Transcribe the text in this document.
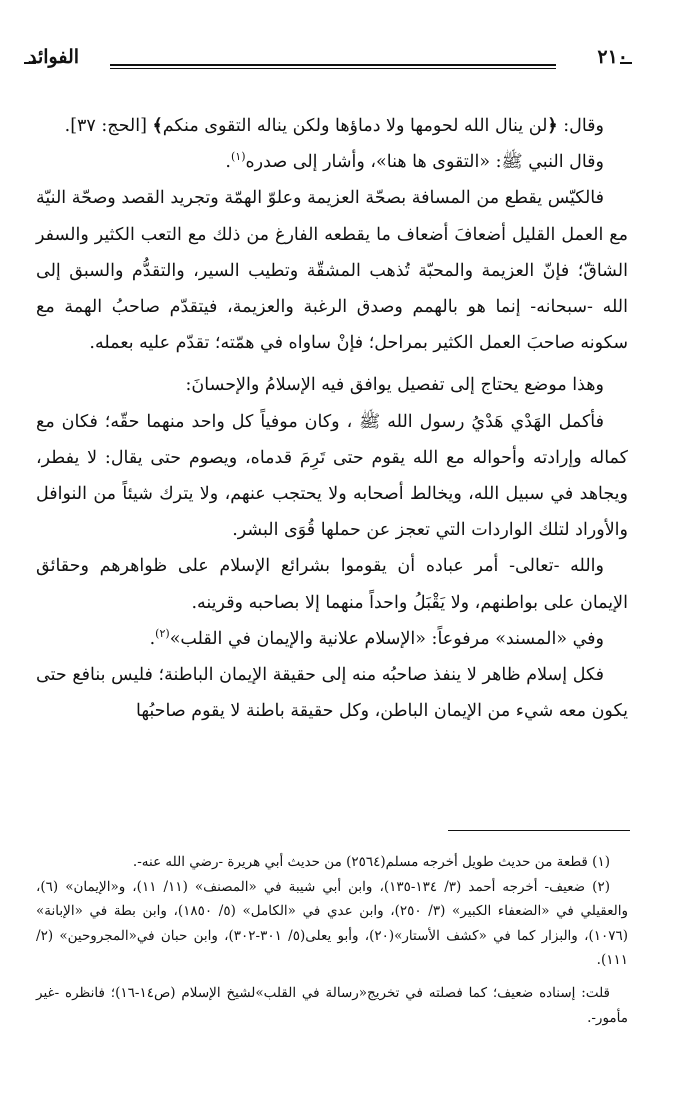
الفوائد	٢١٠

وقال: ﴿لن ينال الله لحومها ولا دماؤها ولكن يناله التقوى منكم﴾ [الحج: ٣٧].

وقال النبي ﷺ: «التقوى ها هنا»، وأشار إلى صدره$^{(١)}$.

فالكيّس يقطع من المسافة بصحّة العزيمة وعلوّ الهمّة وتجريد القصد وصحّة النيّة مع العمل القليل أضعافَ أضعاف ما يقطعه الفارغ من ذلك مع التعب الكثير والسفر الشاقّ؛ فإنّ العزيمة والمحبّة تُذهب المشقّة وتطيب السير، والتقدُّم والسبق إلى الله -سبحانه- إنما هو بالهمم وصدق الرغبة والعزيمة، فيتقدّم صاحبُ الهمة مع سكونه صاحبَ العمل الكثير بمراحل؛ فإنْ ساواه في همّته؛ تقدّم عليه بعمله.

وهذا موضع يحتاج إلى تفصيل يوافق فيه الإسلامُ والإحسانَ:

فأكمل الهَدْي هَدْيُ رسول الله ﷺ ، وكان موفياً كل واحد منهما حقّه؛ فكان مع كماله وإرادته وأحواله مع الله يقوم حتى تَرِمَ قدماه، ويصوم حتى يقال: لا يفطر، ويجاهد في سبيل الله، ويخالط أصحابه ولا يحتجب عنهم، ولا يترك شيئاً من النوافل والأوراد لتلك الواردات التي تعجز عن حملها قُوَى البشر.

والله -تعالى- أمر عباده أن يقوموا بشرائع الإسلام على ظواهرهم وحقائق الإيمان على بواطنهم، ولا يَقْبَلُ واحداً منهما إلا بصاحبه وقرينه.

وفي «المسند» مرفوعاً: «الإسلام علانية والإيمان في القلب»$^{(٢)}$.

فكل إسلام ظاهر لا ينفذ صاحبُه منه إلى حقيقة الإيمان الباطنة؛ فليس بنافع حتى يكون معه شيء من الإيمان الباطن، وكل حقيقة باطنة لا يقوم صاحبُها

(١) قطعة من حديث طويل أخرجه مسلم(٢٥٦٤) من حديث أبي هريرة -رضي الله عنه-.

(٢) ضعيف- أخرجه أحمد (٣/ ١٣٤-١٣٥)، وابن أبي شيبة في «المصنف» (١١/ ١١)، و«الإيمان» (٦)، والعقيلي في «الضعفاء الكبير» (٣/ ٢٥٠)، وابن عدي في «الكامل» (٥/ ١٨٥٠)، وابن بطة في «الإبانة» (١٠٧٦)، والبزار كما في «كشف الأستار»(٢٠)، وأبو يعلى(٥/ ٣٠١-٣٠٢)، وابن حبان في«المجروحين» (٢/ ١١١).

قلت: إسناده ضعيف؛ كما فصلته في تخريج«رسالة في القلب»لشيخ الإسلام (ص١٤-١٦)؛ فانظره -غير مأمور-.
